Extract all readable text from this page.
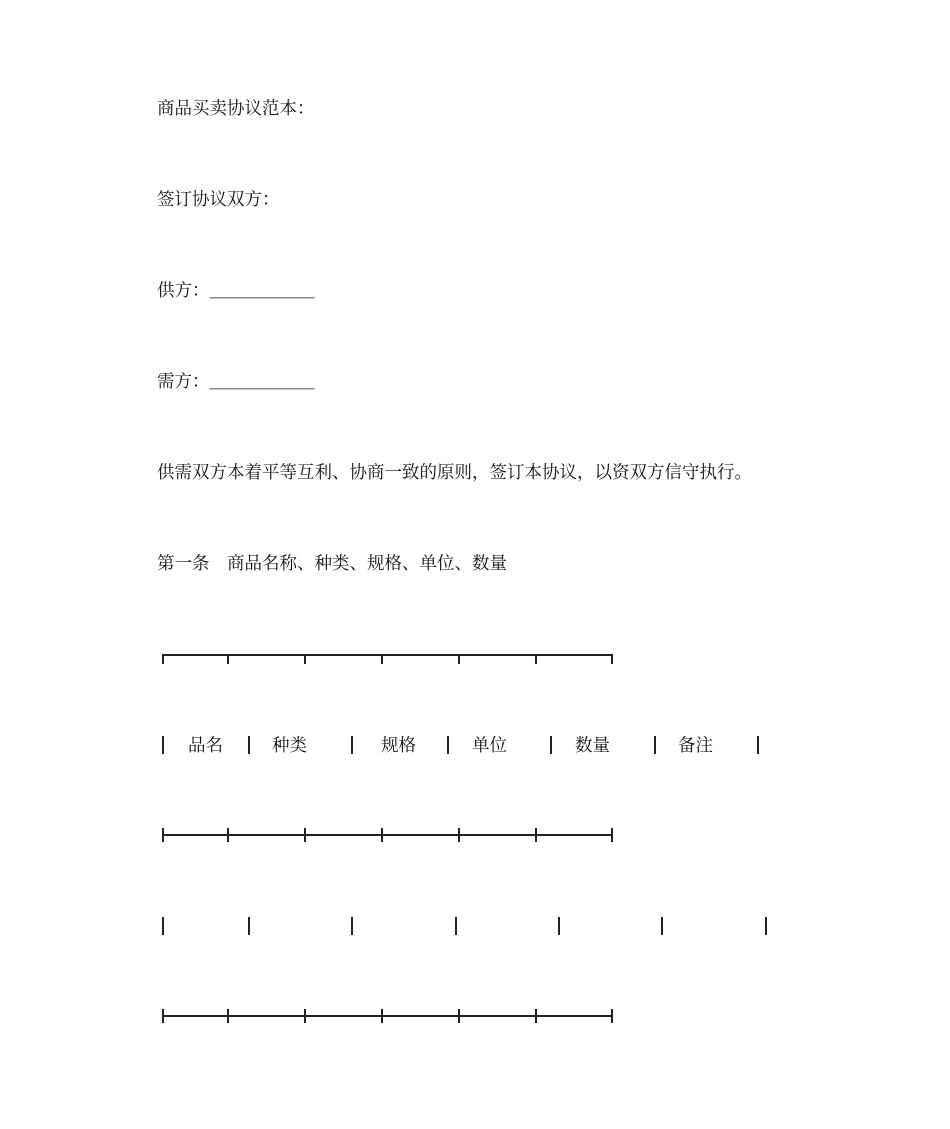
商品买卖协议范本：
签订协议双方：
供方：＿＿＿＿＿＿
需方：＿＿＿＿＿＿
供需双方本着平等互利、协商一致的原则，签订本协议，以资双方信守执行。
第一条　商品名称、种类、规格、单位、数量
品名	种类	规格	单位	数量	备注
